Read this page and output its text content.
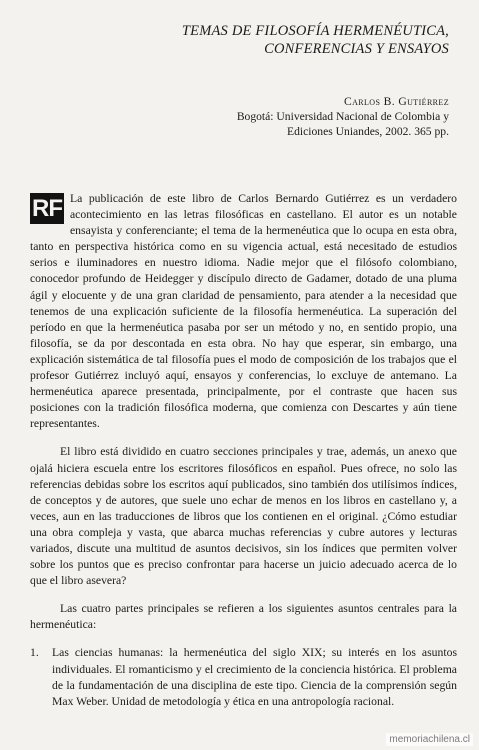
TEMAS DE FILOSOFÍA HERMENÉUTICA,
CONFERENCIAS Y ENSAYOS
Carlos B. Gutiérrez
Bogotá: Universidad Nacional de Colombia y
Ediciones Uniandes, 2002. 365 pp.

RF La publicación de este libro de Carlos Bernardo Gutiérrez es un verdadero acontecimiento en las letras filosóficas en castellano. El autor es un notable ensayista y conferenciante; el tema de la hermenéutica que lo ocupa en esta obra, tanto en perspectiva histórica como en su vigencia actual, está necesitado de estudios serios e iluminadores en nuestro idioma. Nadie mejor que el filósofo colombiano, conocedor profundo de Heidegger y discípulo directo de Gadamer, dotado de una pluma ágil y elocuente y de una gran claridad de pensamiento, para atender a la necesidad que tenemos de una explicación suficiente de la filosofía hermenéutica. La superación del período en que la hermenéutica pasaba por ser un método y no, en sentido propio, una filosofía, se da por descontada en esta obra. No hay que esperar, sin embargo, una explicación sistemática de tal filosofía pues el modo de composición de los trabajos que el profesor Gutiérrez incluyó aquí, ensayos y conferencias, lo excluye de antemano. La hermenéutica aparece presentada, principalmente, por el contraste que hacen sus posiciones con la tradición filosófica moderna, que comienza con Descartes y aún tiene representantes.

El libro está dividido en cuatro secciones principales y trae, además, un anexo que ojalá hiciera escuela entre los escritores filosóficos en español. Pues ofrece, no solo las referencias debidas sobre los escritos aquí publicados, sino también dos utilísimos índices, de conceptos y de autores, que suele uno echar de menos en los libros en castellano y, a veces, aun en las traducciones de libros que los contienen en el original. ¿Cómo estudiar una obra compleja y vasta, que abarca muchas referencias y cubre autores y lecturas variados, discute una multitud de asuntos decisivos, sin los índices que permiten volver sobre los puntos que es preciso confrontar para hacerse un juicio adecuado acerca de lo que el libro asevera?

Las cuatro partes principales se refieren a los siguientes asuntos centrales para la hermenéutica:

1.	Las ciencias humanas: la hermenéutica del siglo XIX; su interés en los asuntos individuales. El romanticismo y el crecimiento de la conciencia histórica. El problema de la fundamentación de una disciplina de este tipo. Ciencia de la comprensión según Max Weber. Unidad de metodología y ética en una antropología racional.
memoriachilena.cl
